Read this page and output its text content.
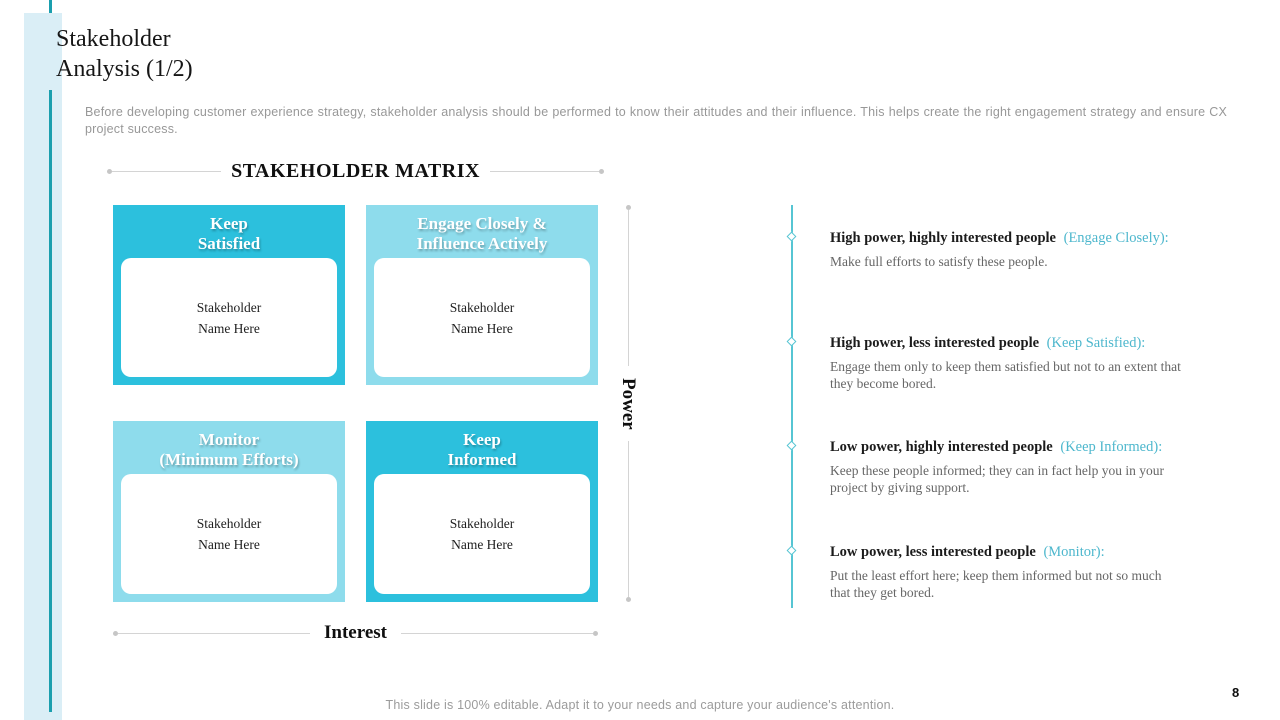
Stakeholder
Analysis (1/2)

Before developing customer experience strategy, stakeholder analysis should be performed to know their attitudes and their influence. This helps create the right engagement strategy and ensure CX project success.

STAKEHOLDER MATRIX
Keep
Satisfied
Stakeholder
Name Here
Engage Closely &
Influence Actively
Stakeholder
Name Here
Monitor
(Minimum Efforts)
Stakeholder
Name Here
Keep
Informed
Stakeholder
Name Here
Power
Interest
High power, highly interested people (Engage Closely):

Make full efforts to satisfy these people.

High power, less interested people (Keep Satisfied):

Engage them only to keep them satisfied but not to an extent that they become bored.

Low power, highly interested people (Keep Informed):

Keep these people informed; they can in fact help you in your project by giving support.

Low power, less interested people (Monitor):

Put the least effort here; keep them informed but not so much that they get bored.

This slide is 100% editable. Adapt it to your needs and capture your audience's attention.
8
